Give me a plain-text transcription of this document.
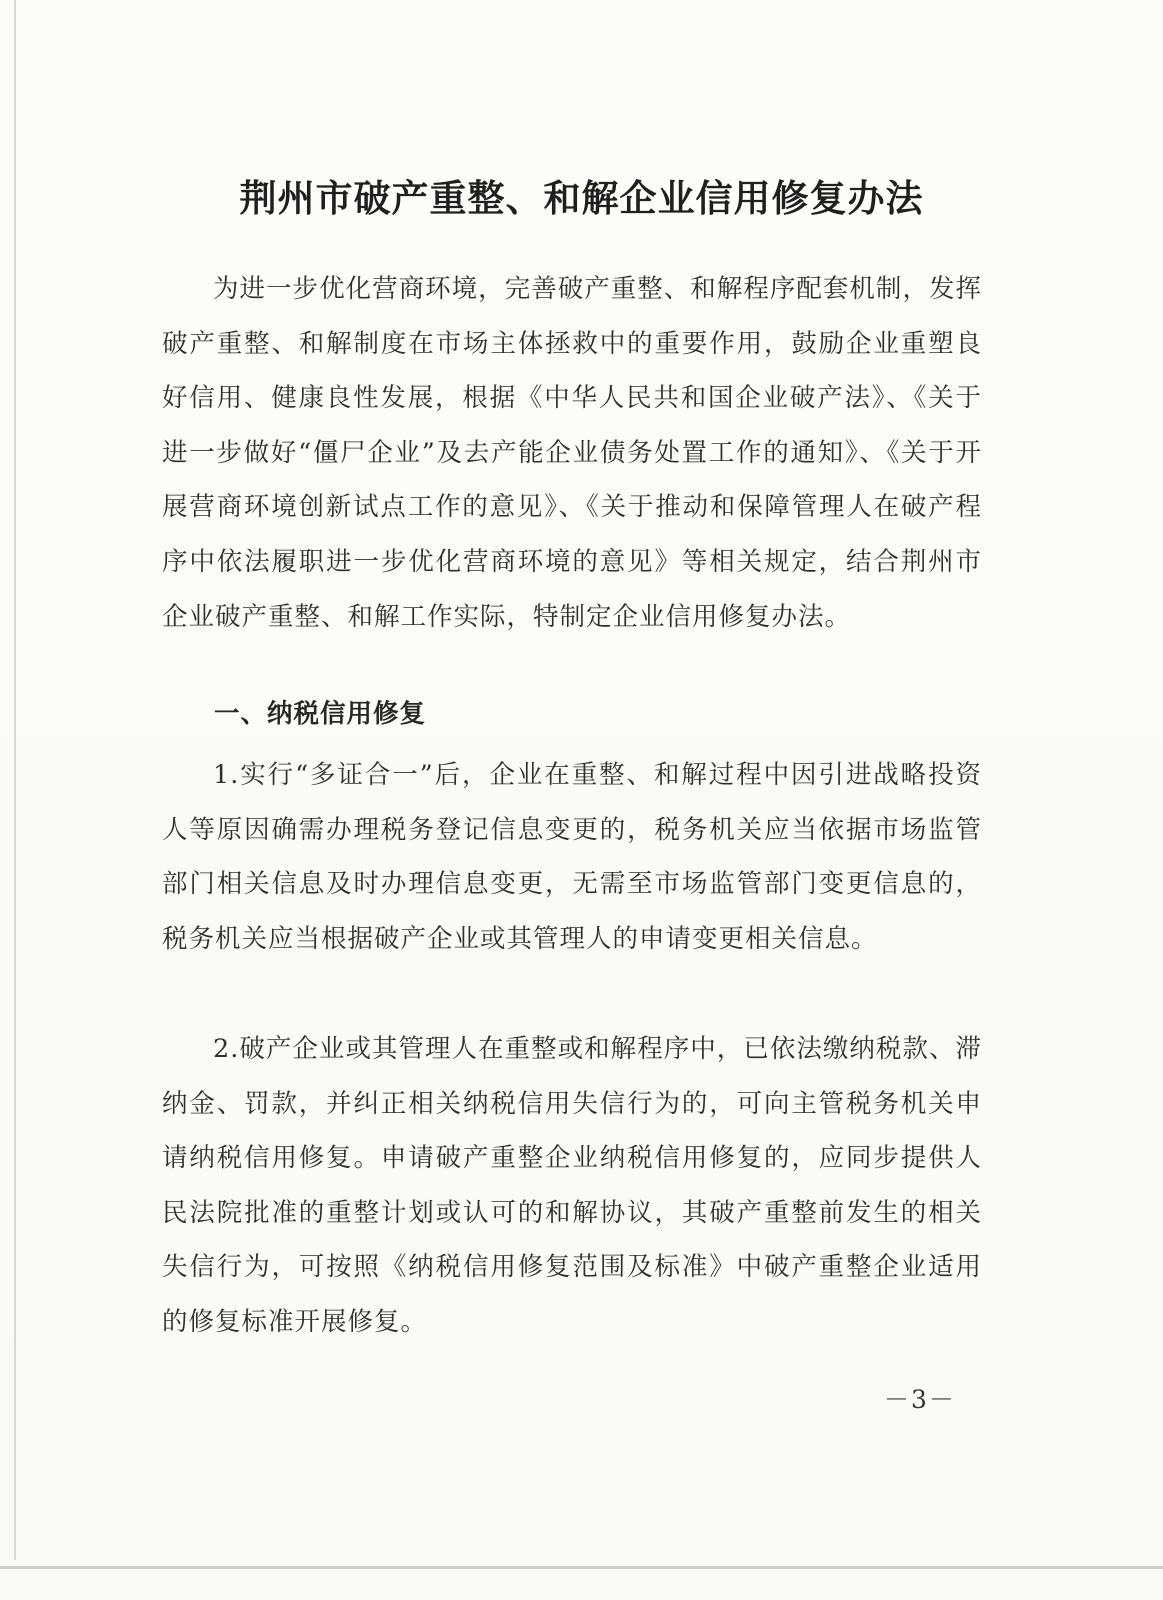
荆州市破产重整、和解企业信用修复办法

为进一步优化营商环境，完善破产重整、和解程序配套机制，发挥破产重整、和解制度在市场主体拯救中的重要作用，鼓励企业重塑良好信用、健康良性发展，根据《中华人民共和国企业破产法》、《关于进一步做好“僵尸企业”及去产能企业债务处置工作的通知》、《关于开展营商环境创新试点工作的意见》、《关于推动和保障管理人在破产程序中依法履职进一步优化营商环境的意见》等相关规定，结合荆州市企业破产重整、和解工作实际，特制定企业信用修复办法。

一、纳税信用修复

1.实行“多证合一”后，企业在重整、和解过程中因引进战略投资人等原因确需办理税务登记信息变更的，税务机关应当依据市场监管部门相关信息及时办理信息变更，无需至市场监管部门变更信息的，税务机关应当根据破产企业或其管理人的申请变更相关信息。

2.破产企业或其管理人在重整或和解程序中，已依法缴纳税款、滞纳金、罚款，并纠正相关纳税信用失信行为的，可向主管税务机关申请纳税信用修复。申请破产重整企业纳税信用修复的，应同步提供人民法院批准的重整计划或认可的和解协议，其破产重整前发生的相关失信行为，可按照《纳税信用修复范围及标准》中破产重整企业适用的修复标准开展修复。

－3－
